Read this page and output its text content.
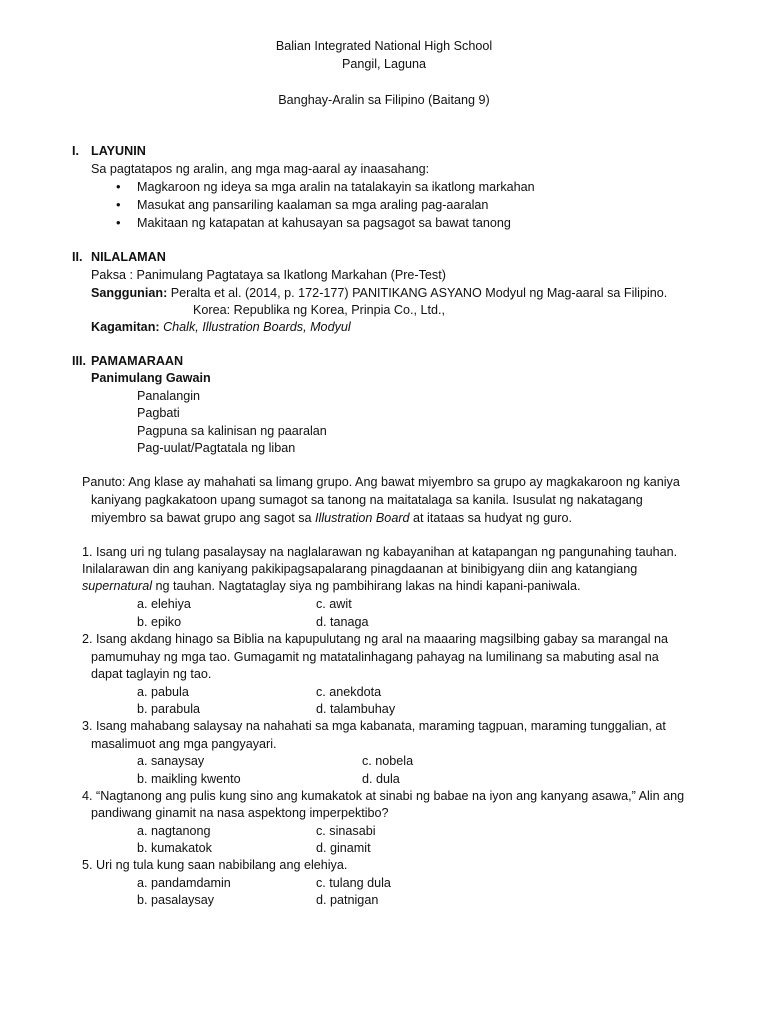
Balian Integrated National High School
Pangil, Laguna
Banghay-Aralin sa Filipino (Baitang 9)
I. LAYUNIN
Sa pagtatapos ng aralin, ang mga mag-aaral ay inaasahang:
• Magkaroon ng ideya sa mga aralin na tatalakayin sa ikatlong markahan
• Masukat ang pansariling kaalaman sa mga araling pag-aaralan
• Makitaan ng katapatan at kahusayan sa pagsagot sa bawat tanong
II. NILALAMAN
Paksa : Panimulang Pagtataya sa Ikatlong Markahan (Pre-Test)
Sanggunian: Peralta et al. (2014, p. 172-177) PANITIKANG ASYANO Modyul ng Mag-aaral sa Filipino.
Korea: Republika ng Korea, Prinpia Co., Ltd.,
Kagamitan: Chalk, Illustration Boards, Modyul
III. PAMAMARAAN
Panimulang Gawain
Panalangin
Pagbati
Pagpuna sa kalinisan ng paaralan
Pag-uulat/Pagtatala ng liban
Panuto: Ang klase ay mahahati sa limang grupo. Ang bawat miyembro sa grupo ay magkakaroon ng kaniya
kaniyang pagkakatoon upang sumagot sa tanong na maitatalaga sa kanila. Isusulat ng nakatagang
miyembro sa bawat grupo ang sagot sa Illustration Board at itataas sa hudyat ng guro.
1. Isang uri ng tulang pasalaysay na naglalarawan ng kabayanihan at katapangan ng pangunahing tauhan.
Inilalarawan din ang kaniyang pakikipagsapalarang pinagdaanan at binibigyang diin ang katangiang
supernatural ng tauhan. Nagtataglay siya ng pambihirang lakas na hindi kapani-paniwala.
a. elehiya	c. awit
b. epiko	d. tanaga
2. Isang akdang hinago sa Biblia na kapupulutang ng aral na maaaring magsilbing gabay sa marangal na
pamumuhay ng mga tao. Gumagamit ng matatalinhagang pahayag na lumilinang sa mabuting asal na
dapat taglayin ng tao.
a. pabula	c. anekdota
b. parabula	d. talambuhay
3. Isang mahabang salaysay na nahahati sa mga kabanata, maraming tagpuan, maraming tunggalian, at
masalimuot ang mga pangyayari.
a. sanaysay	c. nobela
b. maikling kwento	d. dula
4. “Nagtanong ang pulis kung sino ang kumakatok at sinabi ng babae na iyon ang kanyang asawa,” Alin ang
pandiwang ginamit na nasa aspektong imperpektibo?
a. nagtanong	c. sinasabi
b. kumakatok	d. ginamit
5. Uri ng tula kung saan nabibilang ang elehiya.
a. pandamdamin	c. tulang dula
b. pasalaysay	d. patnigan
